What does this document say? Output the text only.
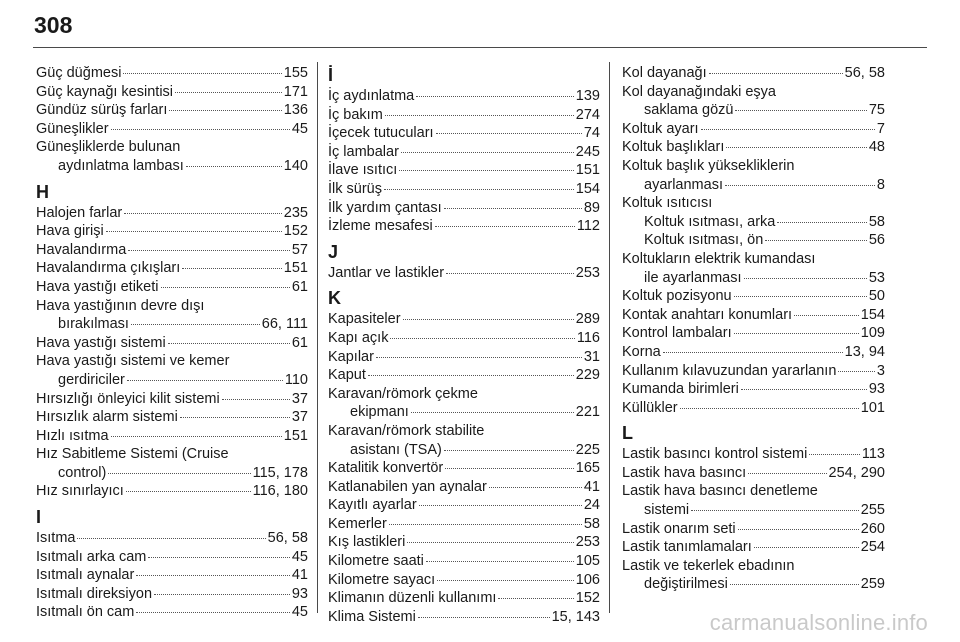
308
Güç düğmesi	155
Güç kaynağı kesintisi	171
Gündüz sürüş farları	136
Güneşlikler	45
Güneşliklerde bulunan
aydınlatma lambası	140
H
Halojen farlar	235
Hava girişi	152
Havalandırma	57
Havalandırma çıkışları	151
Hava yastığı etiketi	61
Hava yastığının devre dışı
bırakılması	66, 111
Hava yastığı sistemi	61
Hava yastığı sistemi ve kemer
gerdiriciler	110
Hırsızlığı önleyici kilit sistemi	37
Hırsızlık alarm sistemi	37
Hızlı ısıtma	151
Hız Sabitleme Sistemi (Cruise
control)	115, 178
Hız sınırlayıcı	116, 180
I
Isıtma	56, 58
Isıtmalı arka cam	45
Isıtmalı aynalar	41
Isıtmalı direksiyon	93
Isıtmalı ön cam	45
İ
İç aydınlatma	139
İç bakım	274
İçecek tutucuları	74
İç lambalar	245
İlave ısıtıcı	151
İlk sürüş	154
İlk yardım çantası	89
İzleme mesafesi	112
J
Jantlar ve lastikler	253
K
Kapasiteler	289
Kapı açık	116
Kapılar	31
Kaput	229
Karavan/römork çekme
ekipmanı	221
Karavan/römork stabilite
asistanı (TSA)	225
Katalitik konvertör	165
Katlanabilen yan aynalar	41
Kayıtlı ayarlar	24
Kemerler	58
Kış lastikleri	253
Kilometre saati	105
Kilometre sayacı	106
Klimanın düzenli kullanımı	152
Klima Sistemi	15, 143
Kol dayanağı	56, 58
Kol dayanağındaki eşya
saklama gözü	75
Koltuk ayarı	7
Koltuk başlıkları	48
Koltuk başlık yüksekliklerin
ayarlanması	8
Koltuk ısıtıcısı
Koltuk ısıtması, arka	58
Koltuk ısıtması, ön	56
Koltukların elektrik kumandası
ile ayarlanması	53
Koltuk pozisyonu	50
Kontak anahtarı konumları	154
Kontrol lambaları	109
Korna	13, 94
Kullanım kılavuzundan yararlanın	3
Kumanda birimleri	93
Küllükler	101
L
Lastik basıncı kontrol sistemi	113
Lastik hava basıncı	254, 290
Lastik hava basıncı denetleme
sistemi	255
Lastik onarım seti	260
Lastik tanımlamaları	254
Lastik ve tekerlek ebadının
değiştirilmesi	259
carmanualsonline.info
